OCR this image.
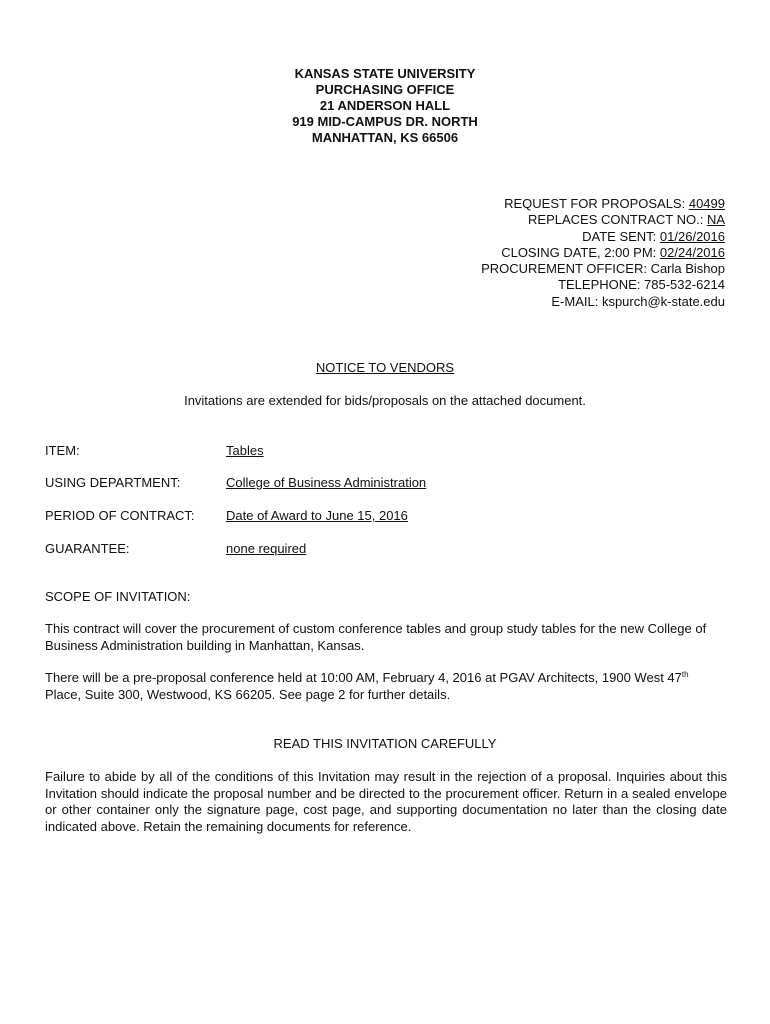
KANSAS STATE UNIVERSITY
PURCHASING OFFICE
21 ANDERSON HALL
919 MID-CAMPUS DR. NORTH
MANHATTAN, KS 66506
REQUEST FOR PROPOSALS: 40499
REPLACES CONTRACT NO.: NA
DATE SENT: 01/26/2016
CLOSING DATE, 2:00 PM: 02/24/2016
PROCUREMENT OFFICER: Carla Bishop
TELEPHONE: 785-532-6214
E-MAIL: kspurch@k-state.edu
NOTICE TO VENDORS
Invitations are extended for bids/proposals on the attached document.
ITEM:	Tables
USING DEPARTMENT:	College of Business Administration
PERIOD OF CONTRACT: Date of Award to June 15, 2016
GUARANTEE:	none required
SCOPE OF INVITATION:
This contract will cover the procurement of custom conference tables and group study tables for the new College of Business Administration building in Manhattan, Kansas.
There will be a pre-proposal conference held at 10:00 AM, February 4, 2016 at PGAV Architects, 1900 West 47th Place, Suite 300, Westwood, KS 66205. See page 2 for further details.
READ THIS INVITATION CAREFULLY
Failure to abide by all of the conditions of this Invitation may result in the rejection of a proposal. Inquiries about this Invitation should indicate the proposal number and be directed to the procurement officer. Return in a sealed envelope or other container only the signature page, cost page, and supporting documentation no later than the closing date indicated above. Retain the remaining documents for reference.
